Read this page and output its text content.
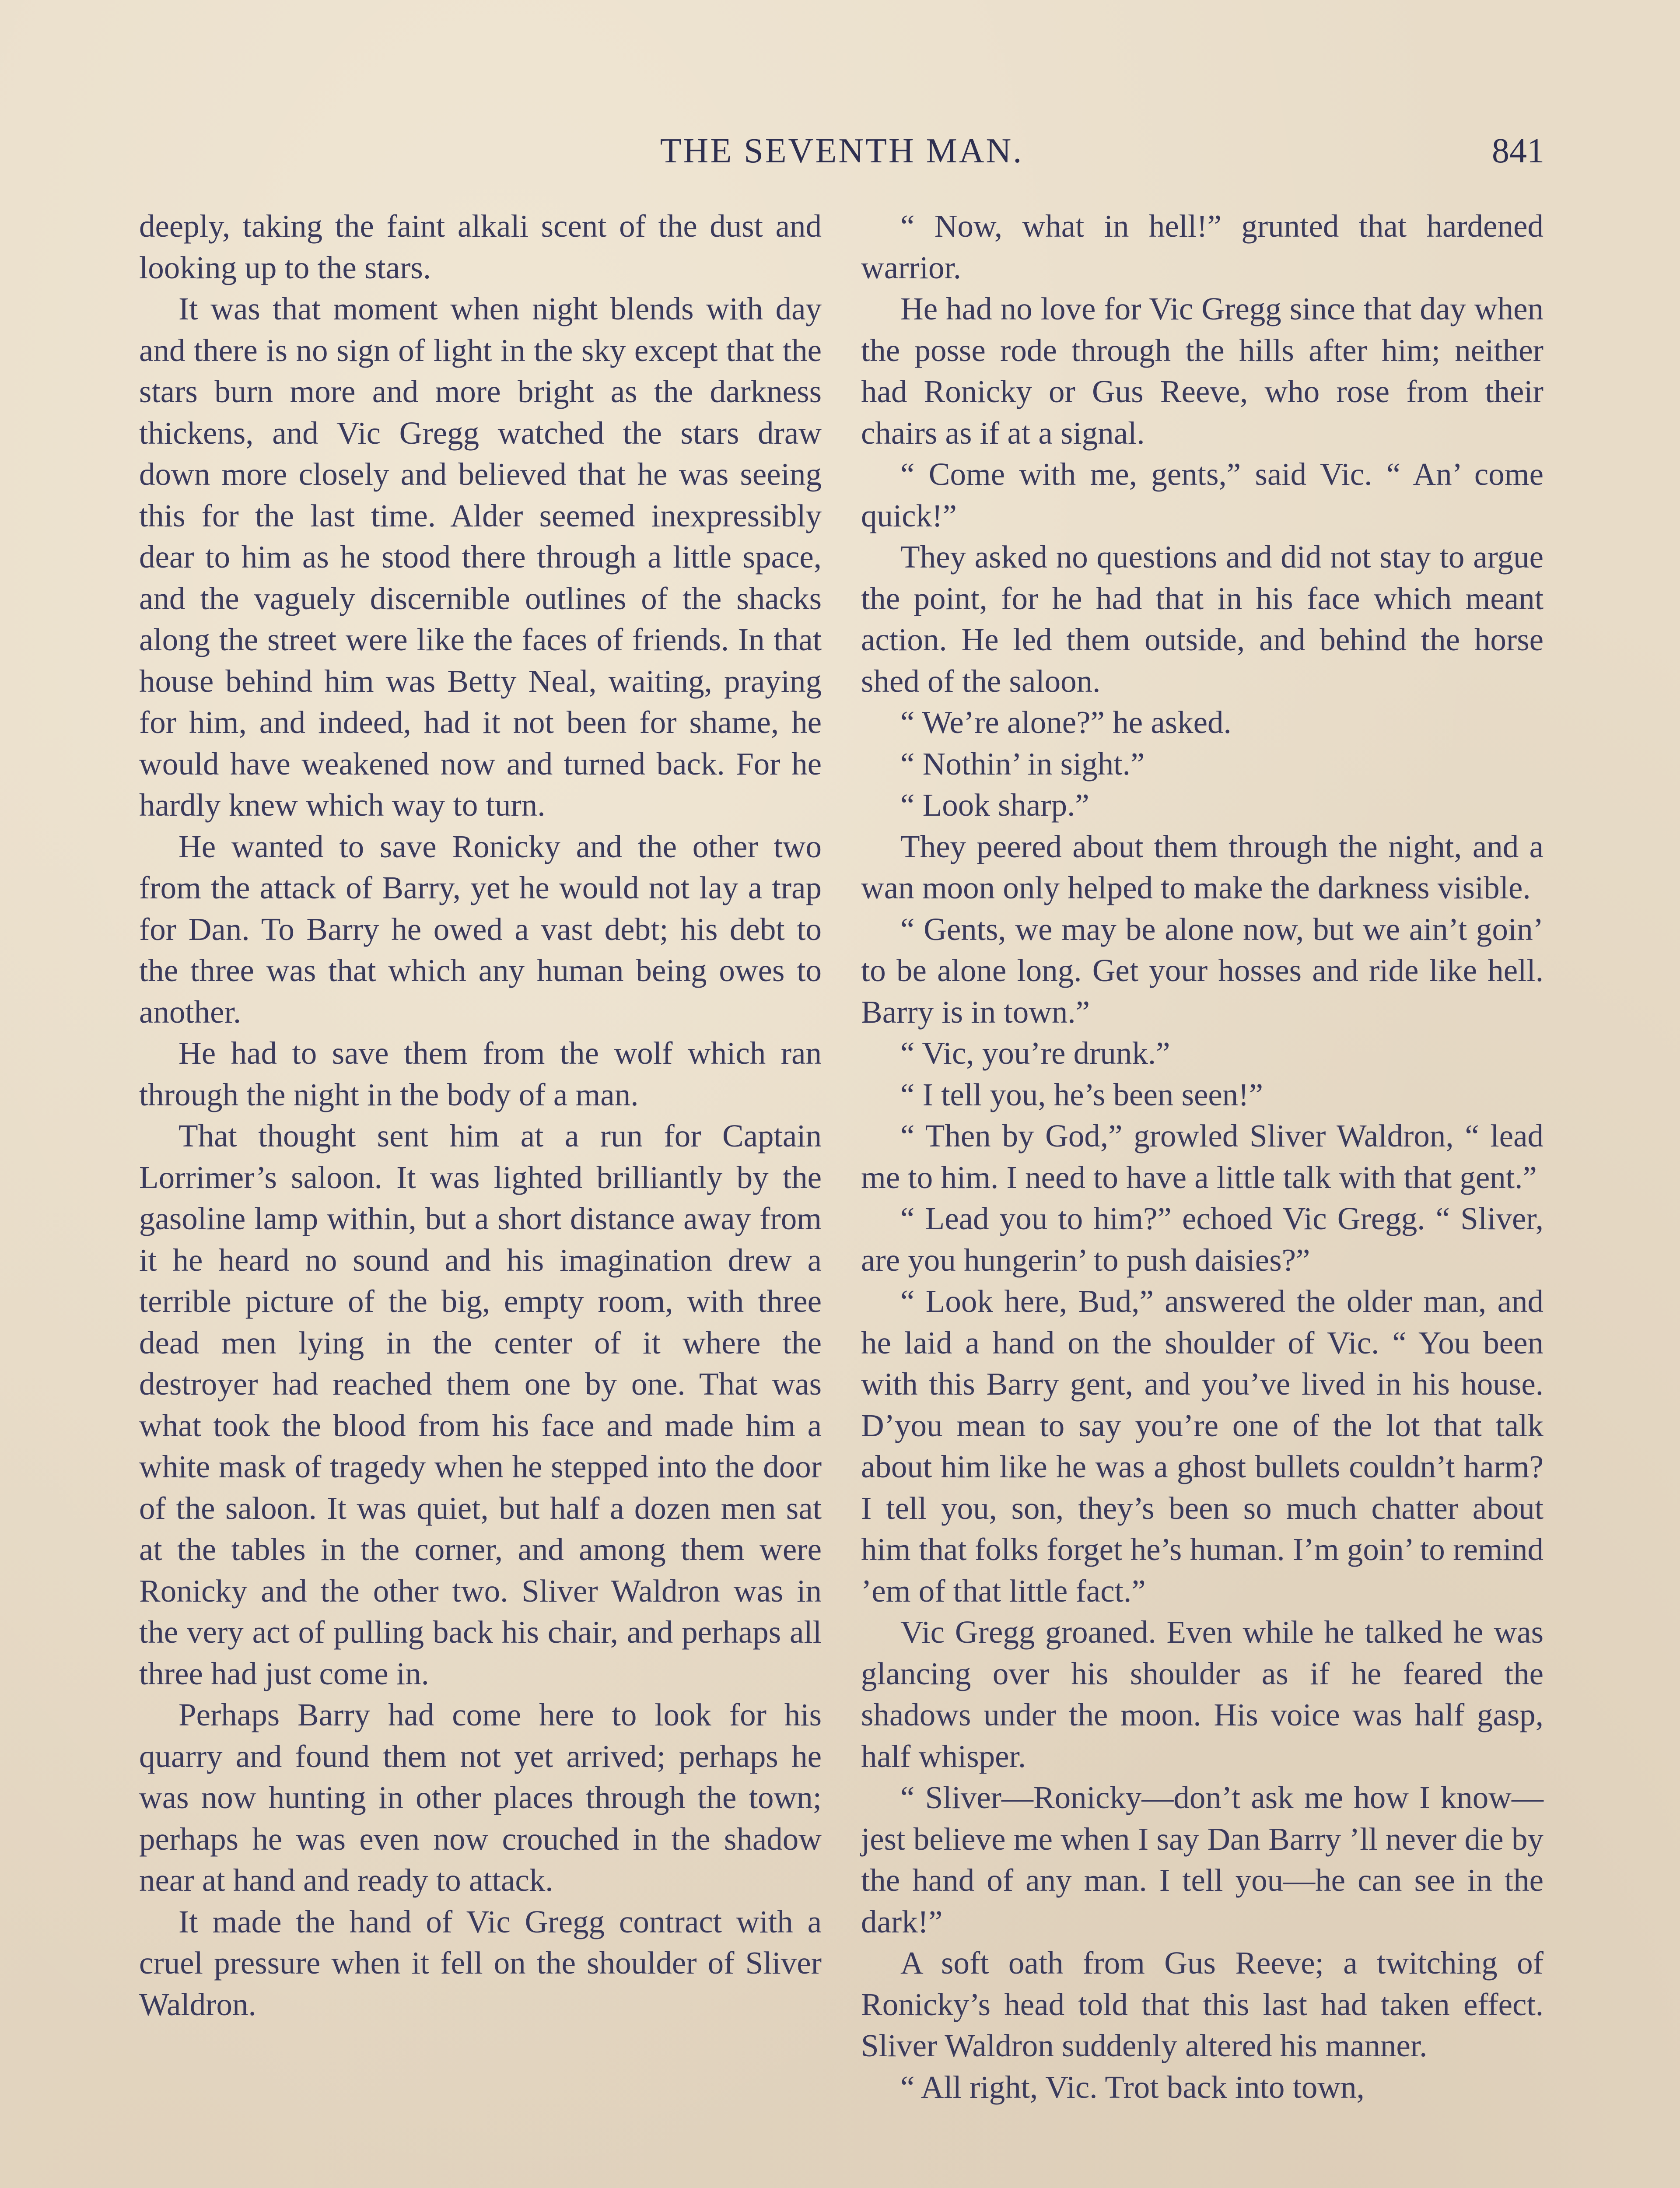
THE SEVENTH MAN.	841

deeply, taking the faint alkali scent of the dust and looking up to the stars.

It was that moment when night blends with day and there is no sign of light in the sky except that the stars burn more and more bright as the darkness thickens, and Vic Gregg watched the stars draw down more closely and believed that he was seeing this for the last time. Alder seemed inexpressibly dear to him as he stood there through a little space, and the vaguely discernible outlines of the shacks along the street were like the faces of friends. In that house behind him was Betty Neal, waiting, praying for him, and indeed, had it not been for shame, he would have weakened now and turned back. For he hardly knew which way to turn.

He wanted to save Ronicky and the other two from the attack of Barry, yet he would not lay a trap for Dan. To Barry he owed a vast debt; his debt to the three was that which any human being owes to another.

He had to save them from the wolf which ran through the night in the body of a man.

That thought sent him at a run for Captain Lorrimer’s saloon. It was lighted brilliantly by the gasoline lamp within, but a short distance away from it he heard no sound and his imagination drew a terrible picture of the big, empty room, with three dead men lying in the center of it where the destroyer had reached them one by one. That was what took the blood from his face and made him a white mask of tragedy when he stepped into the door of the saloon. It was quiet, but half a dozen men sat at the tables in the corner, and among them were Ronicky and the other two. Sliver Waldron was in the very act of pulling back his chair, and perhaps all three had just come in.

Perhaps Barry had come here to look for his quarry and found them not yet arrived; perhaps he was now hunting in other places through the town; perhaps he was even now crouched in the shadow near at hand and ready to attack.

It made the hand of Vic Gregg contract with a cruel pressure when it fell on the shoulder of Sliver Waldron.

“ Now, what in hell!” grunted that hardened warrior.

He had no love for Vic Gregg since that day when the posse rode through the hills after him; neither had Ronicky or Gus Reeve, who rose from their chairs as if at a signal.

“ Come with me, gents,” said Vic. “ An’ come quick!”

They asked no questions and did not stay to argue the point, for he had that in his face which meant action. He led them outside, and behind the horse shed of the saloon.

“ We’re alone?” he asked.

“ Nothin’ in sight.”

“ Look sharp.”

They peered about them through the night, and a wan moon only helped to make the darkness visible.

“ Gents, we may be alone now, but we ain’t goin’ to be alone long. Get your hosses and ride like hell. Barry is in town.”

“ Vic, you’re drunk.”

“ I tell you, he’s been seen!”

“ Then by God,” growled Sliver Waldron, “ lead me to him. I need to have a little talk with that gent.”

“ Lead you to him?” echoed Vic Gregg. “ Sliver, are you hungerin’ to push daisies?”

“ Look here, Bud,” answered the older man, and he laid a hand on the shoulder of Vic. “ You been with this Barry gent, and you’ve lived in his house. D’you mean to say you’re one of the lot that talk about him like he was a ghost bullets couldn’t harm? I tell you, son, they’s been so much chatter about him that folks forget he’s human. I’m goin’ to remind ’em of that little fact.”

Vic Gregg groaned. Even while he talked he was glancing over his shoulder as if he feared the shadows under the moon. His voice was half gasp, half whisper.

“ Sliver—Ronicky—don’t ask me how I know—jest believe me when I say Dan Barry ’ll never die by the hand of any man. I tell you—he can see in the dark!”

A soft oath from Gus Reeve; a twitching of Ronicky’s head told that this last had taken effect. Sliver Waldron suddenly altered his manner.

“ All right, Vic. Trot back into town,
